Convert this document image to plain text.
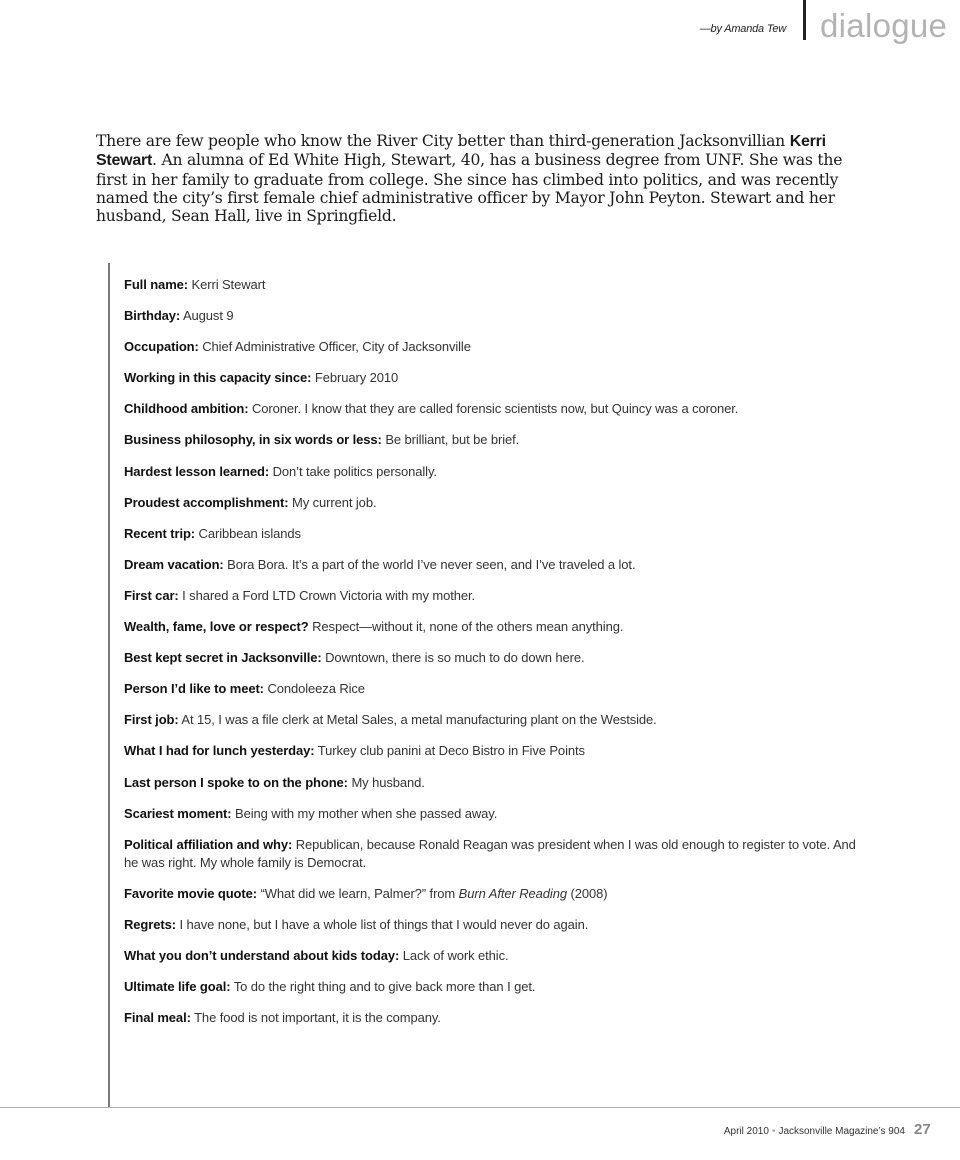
—by Amanda Tew dialogue

There are few people who know the River City better than third-generation Jacksonvillian Kerri Stewart. An alumna of Ed White High, Stewart, 40, has a business degree from UNF. She was the first in her family to graduate from college. She since has climbed into politics, and was recently named the city’s first female chief administrative officer by Mayor John Peyton. Stewart and her husband, Sean Hall, live in Springfield.

Full name: Kerri Stewart
Birthday: August 9
Occupation: Chief Administrative Officer, City of Jacksonville
Working in this capacity since: February 2010
Childhood ambition: Coroner. I know that they are called forensic scientists now, but Quincy was a coroner.
Business philosophy, in six words or less: Be brilliant, but be brief.
Hardest lesson learned: Don’t take politics personally.
Proudest accomplishment: My current job.
Recent trip: Caribbean islands
Dream vacation: Bora Bora. It’s a part of the world I’ve never seen, and I’ve traveled a lot.
First car: I shared a Ford LTD Crown Victoria with my mother.
Wealth, fame, love or respect? Respect—without it, none of the others mean anything.
Best kept secret in Jacksonville: Downtown, there is so much to do down here.
Person I’d like to meet: Condoleeza Rice
First job: At 15, I was a file clerk at Metal Sales, a metal manufacturing plant on the Westside.
What I had for lunch yesterday: Turkey club panini at Deco Bistro in Five Points
Last person I spoke to on the phone: My husband.
Scariest moment: Being with my mother when she passed away.
Political affiliation and why: Republican, because Ronald Reagan was president when I was old enough to register to vote. And he was right. My whole family is Democrat.
Favorite movie quote: “What did we learn, Palmer?” from Burn After Reading (2008)
Regrets: I have none, but I have a whole list of things that I would never do again.
What you don’t understand about kids today: Lack of work ethic.
Ultimate life goal: To do the right thing and to give back more than I get.
Final meal: The food is not important, it is the company.
April 2010 • Jacksonville Magazine’s 904 27
